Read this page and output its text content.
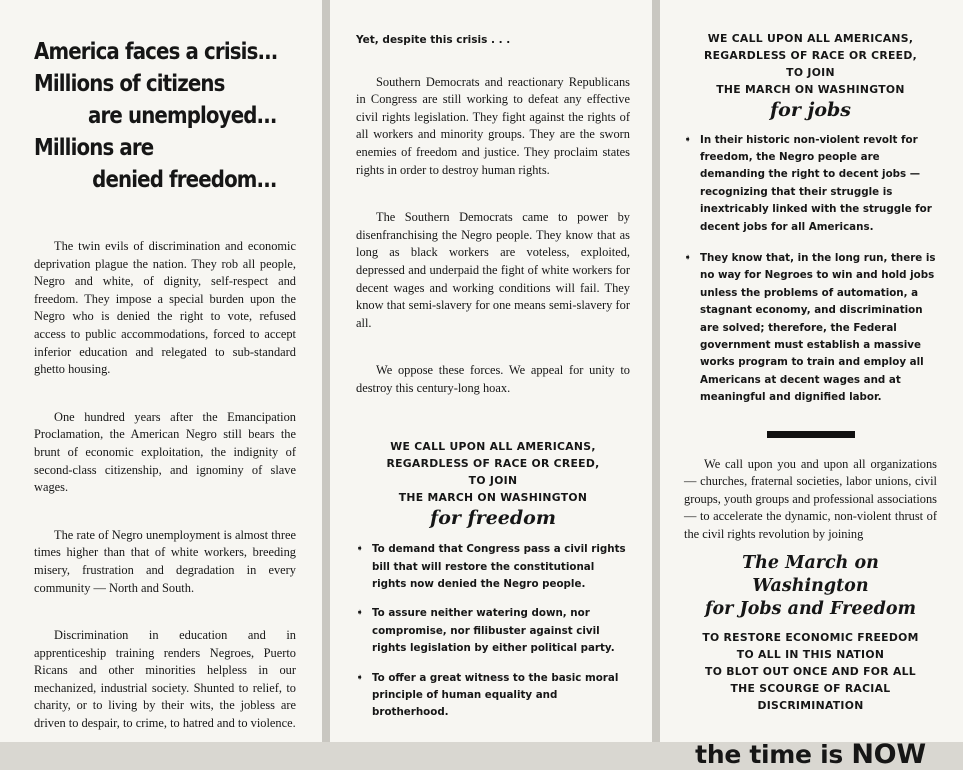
America faces a crisis...
Millions of citizens
are unemployed...
Millions are
denied freedom...

The twin evils of discrimination and economic deprivation plague the nation. They rob all people, Negro and white, of dignity, self-respect and freedom. They impose a special burden upon the Negro who is denied the right to vote, refused access to public accommodations, forced to accept inferior education and relegated to sub-standard ghetto housing.

One hundred years after the Emancipation Proclamation, the American Negro still bears the brunt of economic exploitation, the indignity of second-class citizenship, and ignominy of slave wages.

The rate of Negro unemployment is almost three times higher than that of white workers, breeding misery, frustration and degradation in every community — North and South.

Discrimination in education and in apprenticeship training renders Negroes, Puerto Ricans and other minorities helpless in our mechanized, industrial society. Shunted to relief, to charity, or to living by their wits, the jobless are driven to despair, to crime, to hatred and to violence.

Yet, despite this crisis . . .

Southern Democrats and reactionary Republicans in Congress are still working to defeat any effective civil rights legislation. They fight against the rights of all workers and minority groups. They are the sworn enemies of freedom and justice. They proclaim states rights in order to destroy human rights.

The Southern Democrats came to power by disenfranchising the Negro people. They know that as long as black workers are voteless, exploited, depressed and underpaid the fight of white workers for decent wages and working conditions will fail. They know that semi-slavery for one means semi-slavery for all.

We oppose these forces. We appeal for unity to destroy this century-long hoax.

WE CALL UPON ALL AMERICANS,
REGARDLESS OF RACE OR CREED,
TO JOIN
THE MARCH ON WASHINGTON
for freedom
➧ To demand that Congress pass a civil rights bill that will restore the constitutional rights now denied the Negro people.
➧ To assure neither watering down, nor compromise, nor filibuster against civil rights legislation by either political party.
➧ To offer a great witness to the basic moral principle of human equality and brotherhood.
WE CALL UPON ALL AMERICANS,
REGARDLESS OF RACE OR CREED,
TO JOIN
THE MARCH ON WASHINGTON
for jobs
➧ In their historic non-violent revolt for freedom, the Negro people are demanding the right to decent jobs — recognizing that their struggle is inextricably linked with the struggle for decent jobs for all Americans.
➧ They know that, in the long run, there is no way for Negroes to win and hold jobs unless the problems of automation, a stagnant economy, and discrimination are solved; therefore, the Federal government must establish a massive works program to train and employ all Americans at decent wages and at meaningful and dignified labor.

We call upon you and upon all organizations — churches, fraternal societies, labor unions, civil groups, youth groups and professional associations — to accelerate the dynamic, non-violent thrust of the civil rights revolution by joining

The March on Washington
for Jobs and Freedom
TO RESTORE ECONOMIC FREEDOM
TO ALL IN THIS NATION
TO BLOT OUT ONCE AND FOR ALL
THE SCOURGE OF RACIAL DISCRIMINATION
the time is NOW
